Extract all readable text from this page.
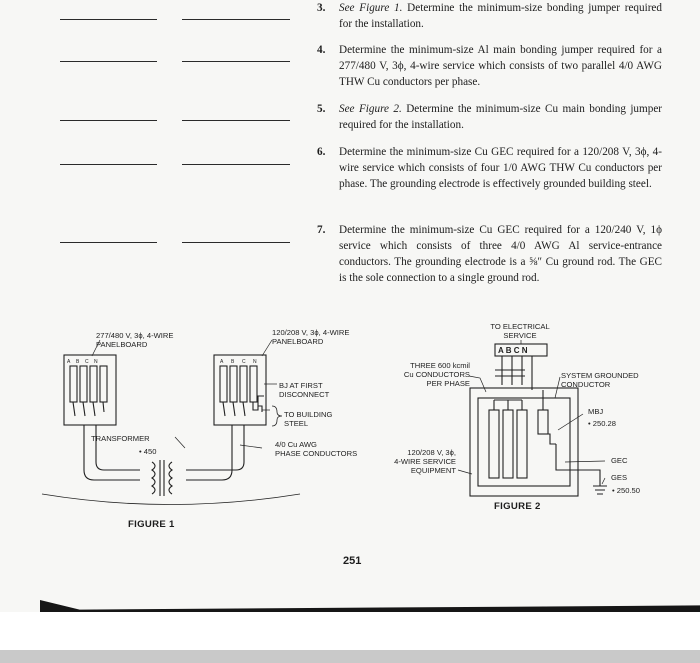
3. See Figure 1. Determine the minimum-size bonding jumper required for the installation.
4. Determine the minimum-size Al main bonding jumper required for a 277/480 V, 3ϕ, 4-wire service which consists of two parallel 4/0 AWG THW Cu conductors per phase.
5. See Figure 2. Determine the minimum-size Cu main bonding jumper required for the installation.
6. Determine the minimum-size Cu GEC required for a 120/208 V, 3ϕ, 4-wire service which consists of four 1/0 AWG THW Cu conductors per phase. The grounding electrode is effectively grounded building steel.
7. Determine the minimum-size Cu GEC required for a 120/240 V, 1ϕ service which consists of three 4/0 AWG Al service-entrance conductors. The grounding electrode is a ⅝″ Cu ground rod. The GEC is the sole connection to a single ground rod.
A B C N	A B C N
277/480 V, 3ϕ, 4-WIRE
PANELBOARD
120/208 V, 3ϕ, 4-WIRE
PANELBOARD
BJ AT FIRST
DISCONNECT
TO BUILDING
STEEL
TRANSFORMER
• 450
4/0 Cu AWG
PHASE CONDUCTORS
FIGURE 1
TO ELECTRICAL
SERVICE
A B C N
THREE 600 kcmil
Cu CONDUCTORS
PER PHASE
SYSTEM GROUNDED
CONDUCTOR
MBJ
• 250.28
120/208 V, 3ϕ,
4-WIRE SERVICE
EQUIPMENT
GEC
GES
• 250.50
FIGURE 2
251
